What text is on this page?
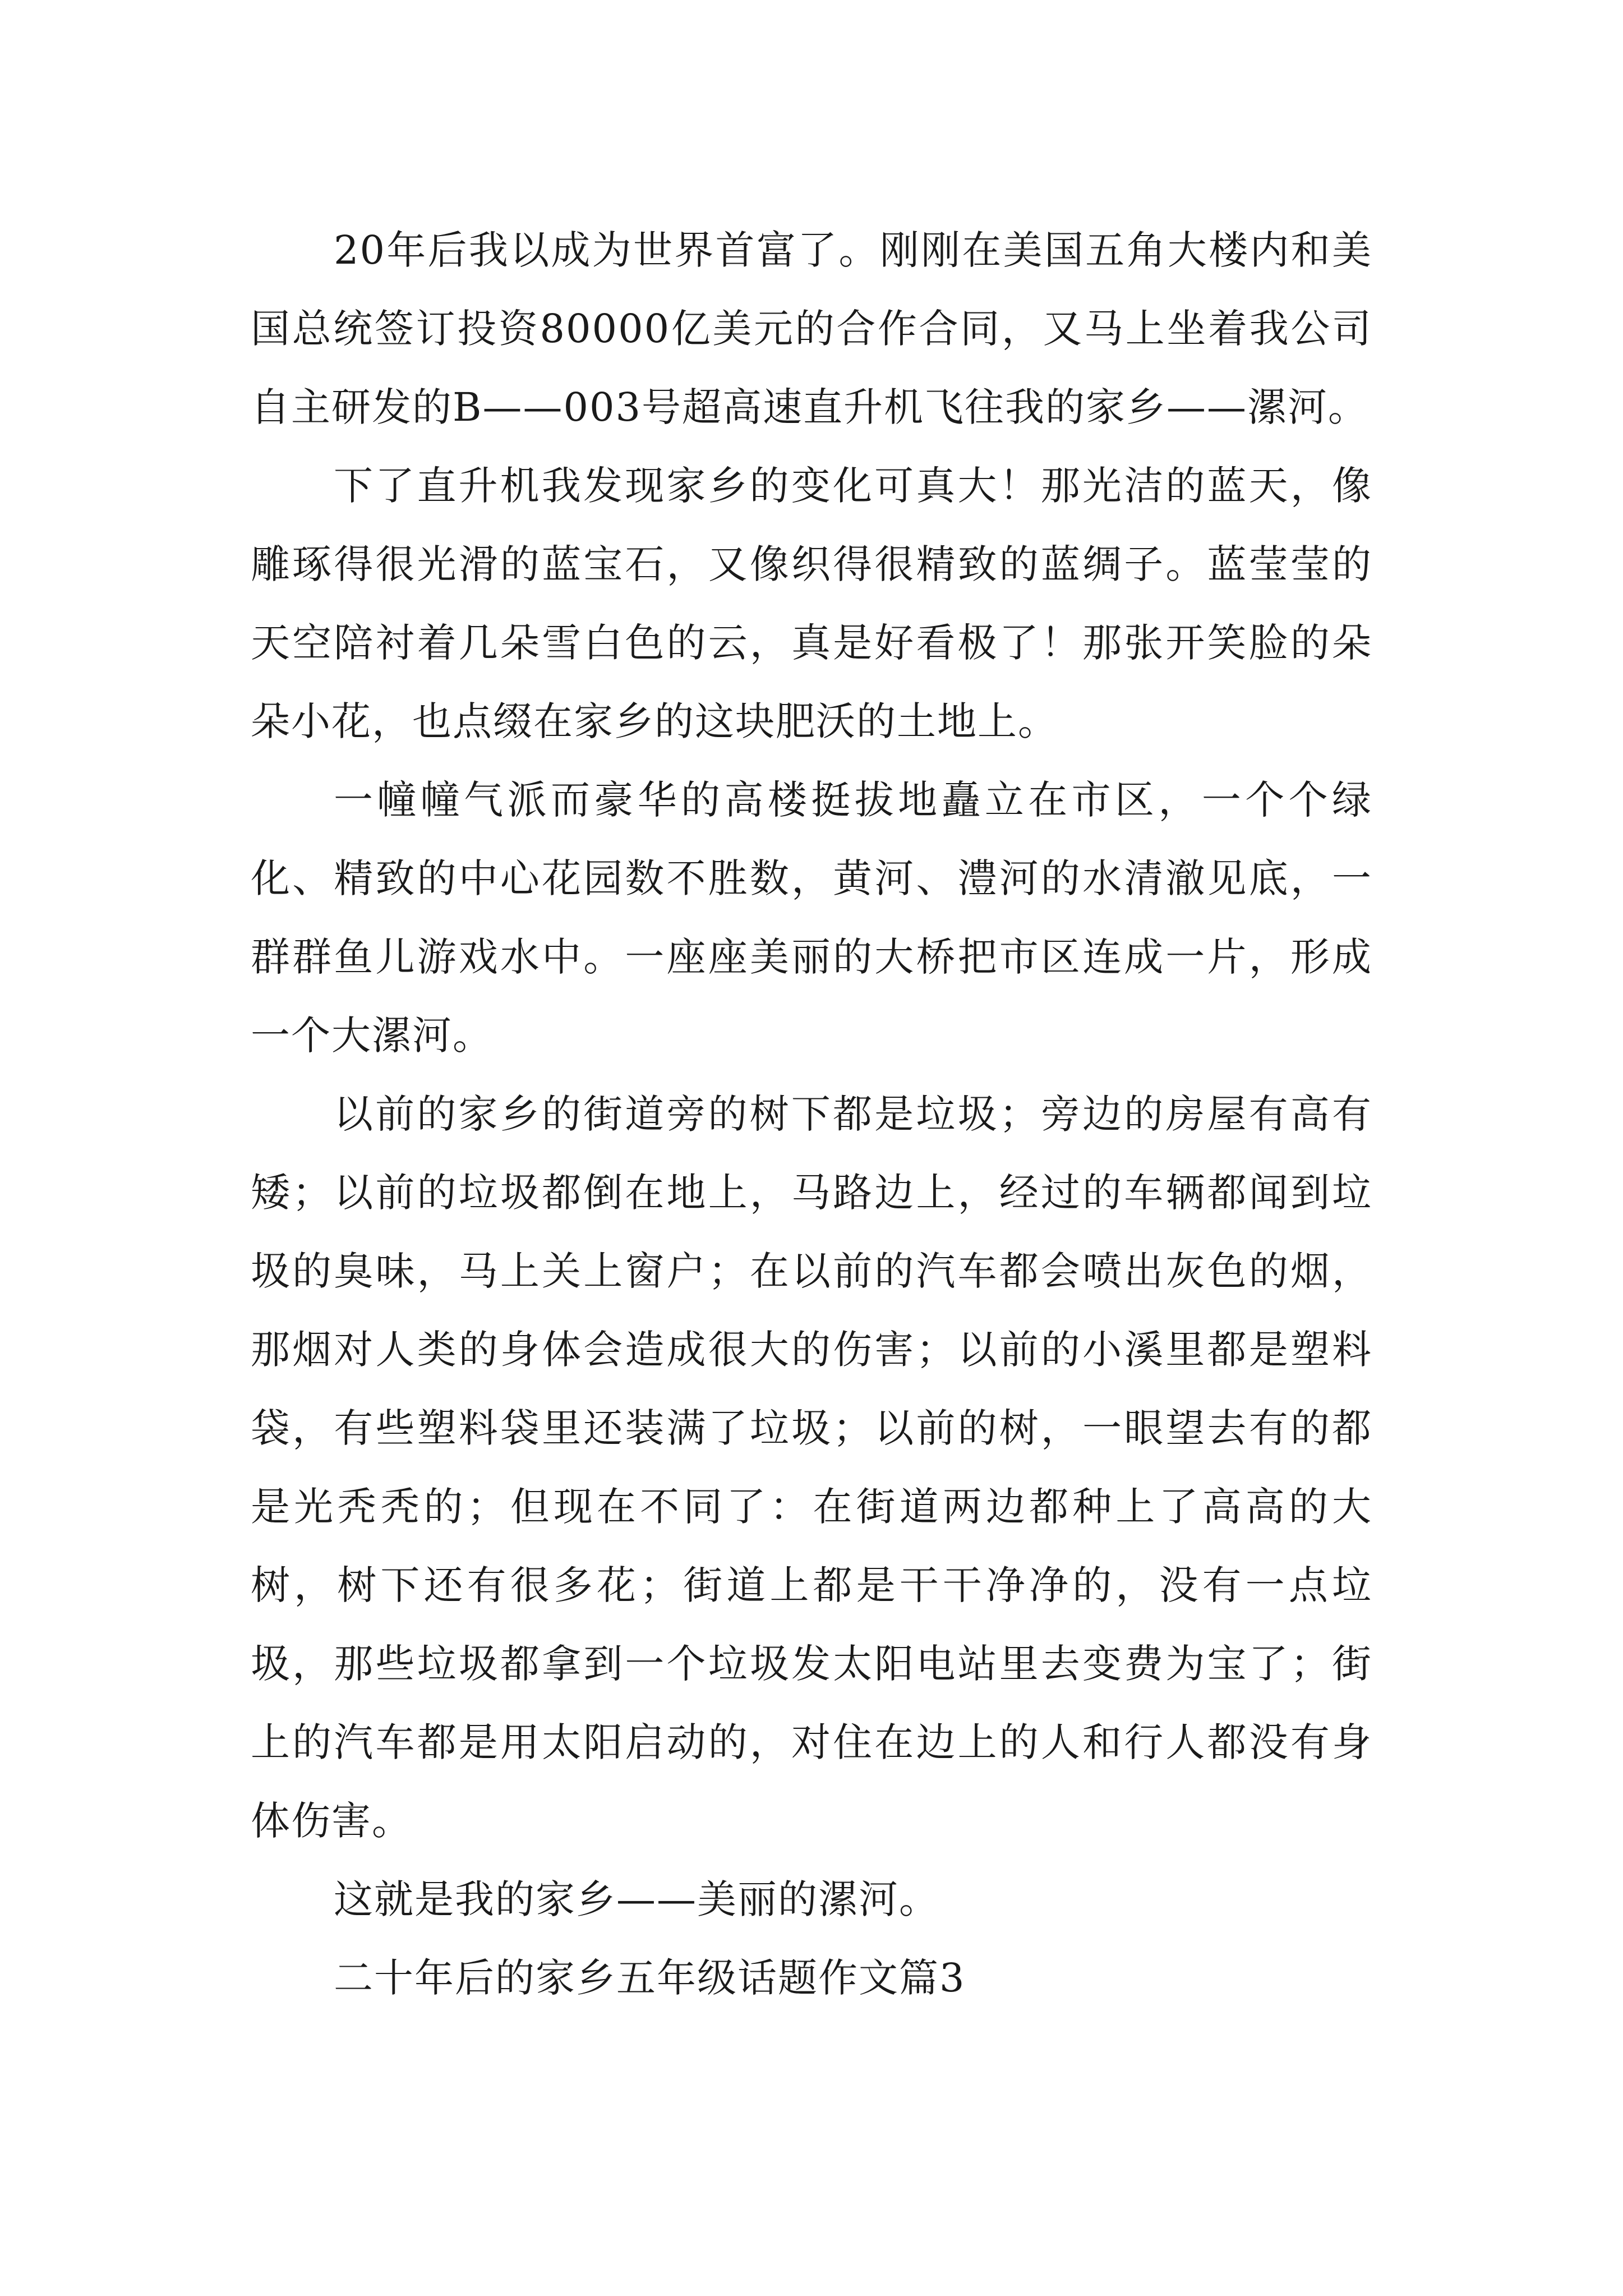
20年后我以成为世界首富了。刚刚在美国五角大楼内和美国总统签订投资80000亿美元的合作合同，又马上坐着我公司自主研发的B——003号超高速直升机飞往我的家乡——漯河。

下了直升机我发现家乡的变化可真大！那光洁的蓝天，像雕琢得很光滑的蓝宝石，又像织得很精致的蓝绸子。蓝莹莹的天空陪衬着几朵雪白色的云，真是好看极了！那张开笑脸的朵朵小花，也点缀在家乡的这块肥沃的土地上。

一幢幢气派而豪华的高楼挺拔地矗立在市区，一个个绿化、精致的中心花园数不胜数，黄河、澧河的水清澈见底，一群群鱼儿游戏水中。一座座美丽的大桥把市区连成一片，形成一个大漯河。

以前的家乡的街道旁的树下都是垃圾；旁边的房屋有高有矮；以前的垃圾都倒在地上，马路边上，经过的车辆都闻到垃圾的臭味，马上关上窗户；在以前的汽车都会喷出灰色的烟，那烟对人类的身体会造成很大的伤害；以前的小溪里都是塑料袋，有些塑料袋里还装满了垃圾；以前的树，一眼望去有的都是光秃秃的；但现在不同了：在街道两边都种上了高高的大树，树下还有很多花；街道上都是干干净净的，没有一点垃圾，那些垃圾都拿到一个垃圾发太阳电站里去变费为宝了；街上的汽车都是用太阳启动的，对住在边上的人和行人都没有身体伤害。

这就是我的家乡——美丽的漯河。

二十年后的家乡五年级话题作文篇3
